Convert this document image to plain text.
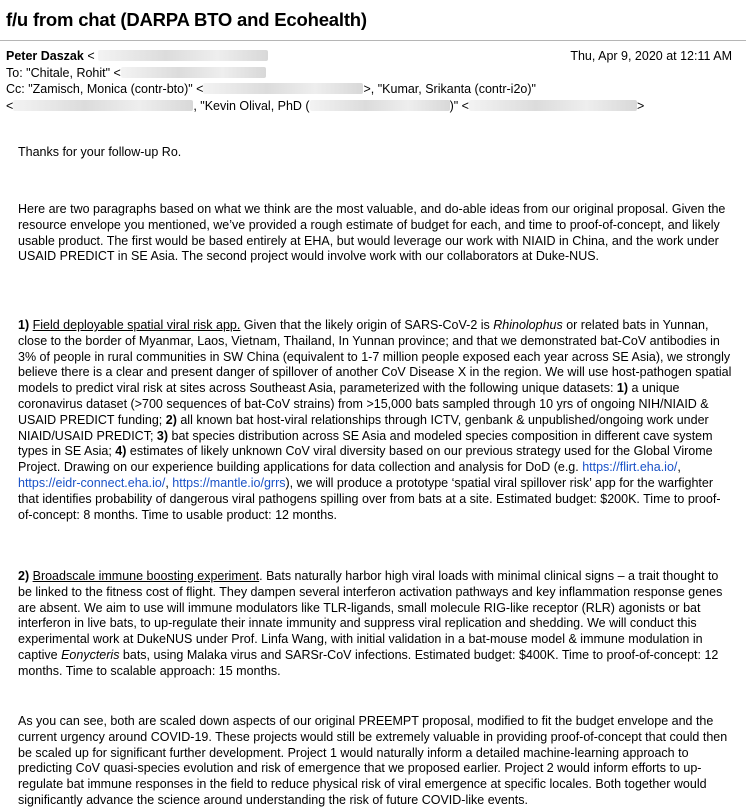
f/u from chat (DARPA BTO and Ecohealth)
Peter Daszak <	Thu, Apr 9, 2020 at 12:11 AM
To: "Chitale, Rohit" <
Cc: "Zamisch, Monica (contr-bto)" <	>, "Kumar, Srikanta (contr-i2o)"
<	, "Kevin Olival, PhD (	)" <	>

Thanks for your follow-up Ro.

Here are two paragraphs based on what we think are the most valuable, and do-able ideas from our original proposal. Given the resource envelope you mentioned, we’ve provided a rough estimate of budget for each, and time to proof-of-concept, and likely usable product. The first would be based entirely at EHA, but would leverage our work with NIAID in China, and the work under USAID PREDICT in SE Asia. The second project would involve work with our collaborators at Duke-NUS.

1) Field deployable spatial viral risk app. Given that the likely origin of SARS-CoV-2 is Rhinolophus or related bats in Yunnan, close to the border of Myanmar, Laos, Vietnam, Thailand, In Yunnan province; and that we demonstrated bat-CoV antibodies in 3% of people in rural communities in SW China (equivalent to 1-7 million people exposed each year across SE Asia), we strongly believe there is a clear and present danger of spillover of another CoV Disease X in the region. We will use host-pathogen spatial models to predict viral risk at sites across Southeast Asia, parameterized with the following unique datasets: 1) a unique coronavirus dataset (>700 sequences of bat-CoV strains) from >15,000 bats sampled through 10 yrs of ongoing NIH/NIAID & USAID PREDICT funding; 2) all known bat host-viral relationships through ICTV, genbank & unpublished/ongoing work under NIAID/USAID PREDICT; 3) bat species distribution across SE Asia and modeled species composition in different cave system types in SE Asia; 4) estimates of likely unknown CoV viral diversity based on our previous strategy used for the Global Virome Project. Drawing on our experience building applications for data collection and analysis for DoD (e.g. https://flirt.eha.io/, https://eidr-connect.eha.io/, https://mantle.io/grrs), we will produce a prototype ‘spatial viral spillover risk’ app for the warfighter that identifies probability of dangerous viral pathogens spilling over from bats at a site. Estimated budget: $200K. Time to proof-of-concept: 8 months. Time to usable product: 12 months.

2) Broadscale immune boosting experiment. Bats naturally harbor high viral loads with minimal clinical signs – a trait thought to be linked to the fitness cost of flight. They dampen several interferon activation pathways and key inflammation response genes are absent. We aim to use will immune modulators like TLR-ligands, small molecule RIG-like receptor (RLR) agonists or bat interferon in live bats, to up-regulate their innate immunity and suppress viral replication and shedding. We will conduct this experimental work at DukeNUS under Prof. Linfa Wang, with initial validation in a bat-mouse model & immune modulation in captive Eonycteris bats, using Malaka virus and SARSr-CoV infections. Estimated budget: $400K. Time to proof-of-concept: 12 months. Time to scalable approach: 15 months.

As you can see, both are scaled down aspects of our original PREEMPT proposal, modified to fit the budget envelope and the current urgency around COVID-19. These projects would still be extremely valuable in providing proof-of-concept that could then be scaled up for significant further development. Project 1 would naturally inform a detailed machine-learning approach to predicting CoV quasi-species evolution and risk of emergence that we proposed earlier. Project 2 would inform efforts to up-regulate bat immune responses in the field to reduce physical risk of viral emergence at specific locales. Both together would significantly advance the science around understanding the risk of future COVID-like events.
